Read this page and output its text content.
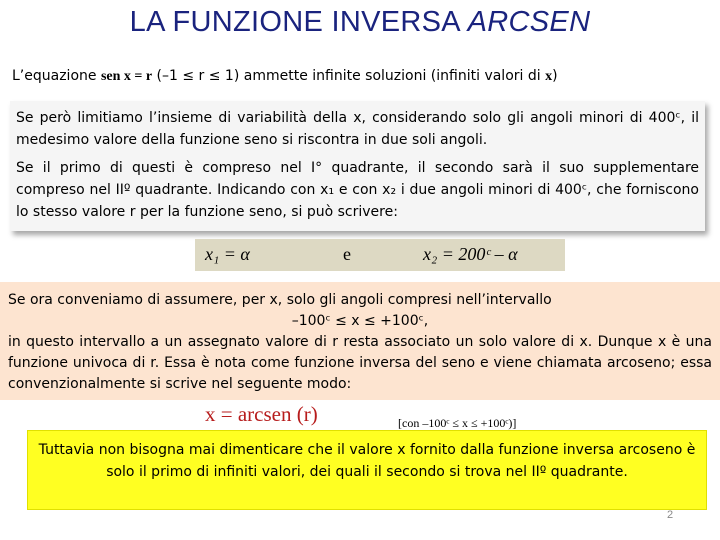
LA FUNZIONE INVERSA ARCSEN
L’equazione sen x = r (–1 ≤ r ≤ 1) ammette infinite soluzioni (infiniti valori di x)

Se però limitiamo l’insieme di variabilità della x, considerando solo gli angoli minori di 400ᶜ, il medesimo valore della funzione seno si riscontra in due soli angoli.

Se il primo di questi è compreso nel I° quadrante, il secondo sarà il suo supplementare compreso nel IIº quadrante. Indicando con x₁ e con x₂ i due angoli minori di 400ᶜ, che forniscono lo stesso valore r per la funzione seno, si può scrivere:

x₁ = α	e	x₂ = 200ᶜ – α
Se ora conveniamo di assumere, per x, solo gli angoli compresi nell’intervallo
–100ᶜ ≤ x ≤ +100ᶜ,
in questo intervallo a un assegnato valore di r resta associato un solo valore di x. Dunque x è una funzione univoca di r. Essa è nota come funzione inversa del seno e viene chiamata arcoseno; essa convenzionalmente si scrive nel seguente modo:
x = arcsen (r)	[con –100ᶜ ≤ x ≤ +100ᶜ)]
Tuttavia non bisogna mai dimenticare che il valore x fornito dalla funzione inversa arcoseno è solo il primo di infiniti valori, dei quali il secondo si trova nel IIº quadrante.
2
